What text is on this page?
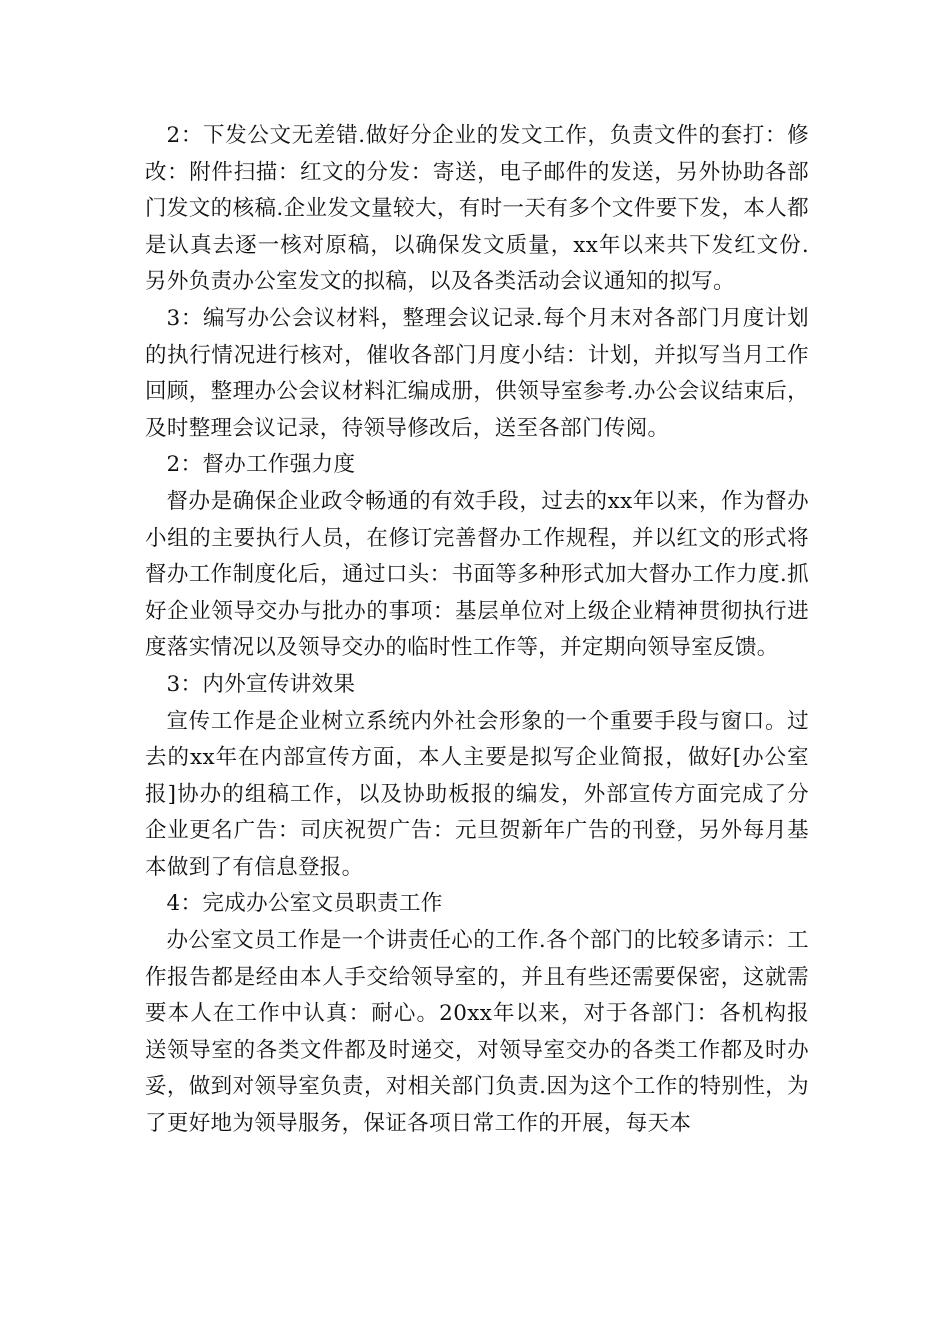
2：下发公文无差错.做好分企业的发文工作，负责文件的套打：修改：附件扫描：红文的分发：寄送，电子邮件的发送，另外协助各部门发文的核稿.企业发文量较大，有时一天有多个文件要下发，本人都是认真去逐一核对原稿，以确保发文质量，xx年以来共下发红文份.另外负责办公室发文的拟稿，以及各类活动会议通知的拟写。

3：编写办公会议材料，整理会议记录.每个月末对各部门月度计划的执行情况进行核对，催收各部门月度小结：计划，并拟写当月工作回顾，整理办公会议材料汇编成册，供领导室参考.办公会议结束后，及时整理会议记录，待领导修改后，送至各部门传阅。

2：督办工作强力度

督办是确保企业政令畅通的有效手段，过去的xx年以来，作为督办小组的主要执行人员，在修订完善督办工作规程，并以红文的形式将督办工作制度化后，通过口头：书面等多种形式加大督办工作力度.抓好企业领导交办与批办的事项：基层单位对上级企业精神贯彻执行进度落实情况以及领导交办的临时性工作等，并定期向领导室反馈。

3：内外宣传讲效果

宣传工作是企业树立系统内外社会形象的一个重要手段与窗口。过去的xx年在内部宣传方面，本人主要是拟写企业简报，做好[办公室报]协办的组稿工作，以及协助板报的编发，外部宣传方面完成了分企业更名广告：司庆祝贺广告：元旦贺新年广告的刊登，另外每月基本做到了有信息登报。

4：完成办公室文员职责工作

办公室文员工作是一个讲责任心的工作.各个部门的比较多请示：工作报告都是经由本人手交给领导室的，并且有些还需要保密，这就需要本人在工作中认真：耐心。20xx年以来，对于各部门：各机构报送领导室的各类文件都及时递交，对领导室交办的各类工作都及时办妥，做到对领导室负责，对相关部门负责.因为这个工作的特别性，为了更好地为领导服务，保证各项日常工作的开展，每天本
